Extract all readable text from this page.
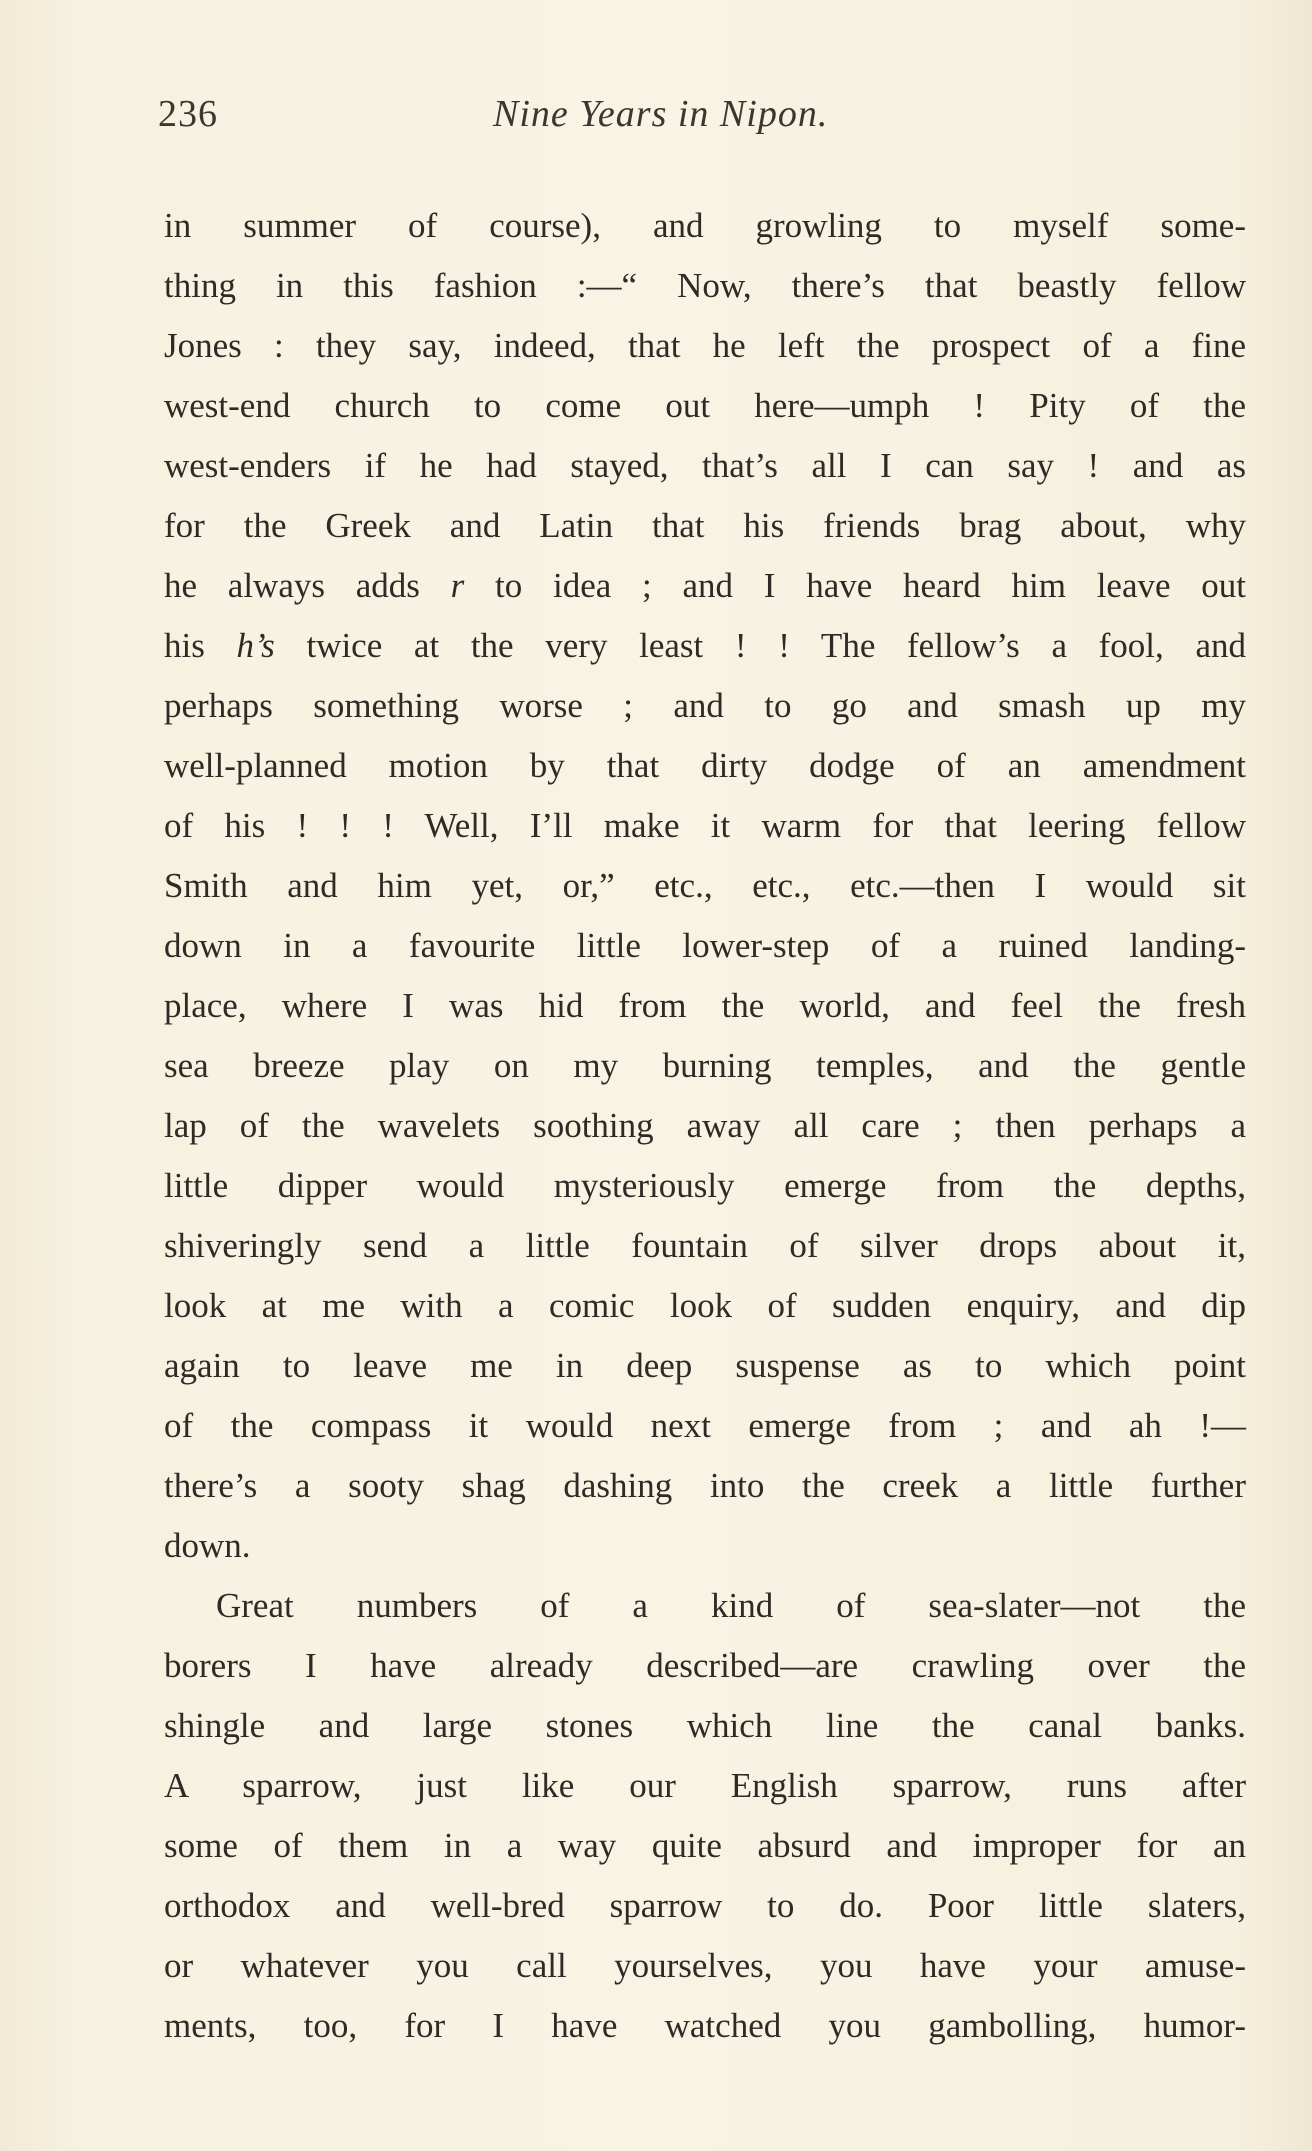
236	Nine Years in Nipon.
in summer of course), and growling to myself some-
thing in this fashion :—“ Now, there’s that beastly fellow
Jones : they say, indeed, that he left the prospect of a fine
west-end church to come out here—umph ! Pity of the
west-enders if he had stayed, that’s all I can say ! and as
for the Greek and Latin that his friends brag about, why
he always adds r to idea ; and I have heard him leave out
his h’s twice at the very least ! ! The fellow’s a fool, and
perhaps something worse ; and to go and smash up my
well-planned motion by that dirty dodge of an amendment
of his ! ! ! Well, I’ll make it warm for that leering fellow
Smith and him yet, or,” etc., etc., etc.—then I would sit
down in a favourite little lower-step of a ruined landing-
place, where I was hid from the world, and feel the fresh
sea breeze play on my burning temples, and the gentle
lap of the wavelets soothing away all care ; then perhaps a
little dipper would mysteriously emerge from the depths,
shiveringly send a little fountain of silver drops about it,
look at me with a comic look of sudden enquiry, and dip
again to leave me in deep suspense as to which point
of the compass it would next emerge from ; and ah !—
there’s a sooty shag dashing into the creek a little further
down.
Great numbers of a kind of sea-slater—not the
borers I have already described—are crawling over the
shingle and large stones which line the canal banks.
A sparrow, just like our English sparrow, runs after
some of them in a way quite absurd and improper for an
orthodox and well-bred sparrow to do. Poor little slaters,
or whatever you call yourselves, you have your amuse-
ments, too, for I have watched you gambolling, humor-
